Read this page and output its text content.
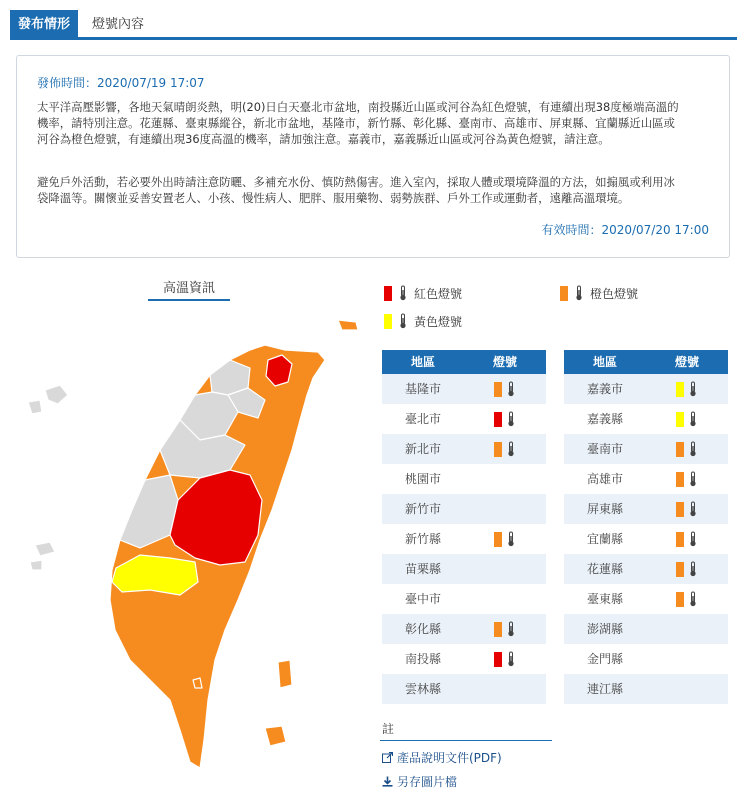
發布情形	燈號內容
發佈時間：2020/07/19 17:07
太平洋高壓影響，各地天氣晴朗炎熱，明(20)日白天臺北市盆地，南投縣近山區或河谷為紅色燈號，有連續出現38度極端高溫的
機率，請特別注意。花蓮縣、臺東縣縱谷，新北市盆地，基隆市，新竹縣、彰化縣、臺南市、高雄市、屏東縣、宜蘭縣近山區或
河谷為橙色燈號，有連續出現36度高溫的機率，請加強注意。嘉義市，嘉義縣近山區或河谷為黃色燈號，請注意。
避免戶外活動，若必要外出時請注意防曬、多補充水份、慎防熱傷害。進入室內，採取人體或環境降溫的方法，如搧風或利用冰
袋降溫等。關懷並妥善安置老人、小孩、慢性病人、肥胖、服用藥物、弱勢族群、戶外工作或運動者，遠離高溫環境。
有效時間：2020/07/20 17:00
高溫資訊	紅色燈號	橙色燈號
黃色燈號
地區	燈號
基隆市
臺北市
新北市
桃園市
新竹市
新竹縣
苗栗縣
臺中市
彰化縣
南投縣
雲林縣
地區	燈號
嘉義市
嘉義縣
臺南市
高雄市
屏東縣
宜蘭縣
花蓮縣
臺東縣
澎湖縣
金門縣
連江縣
註
產品說明文件(PDF)
另存圖片檔
